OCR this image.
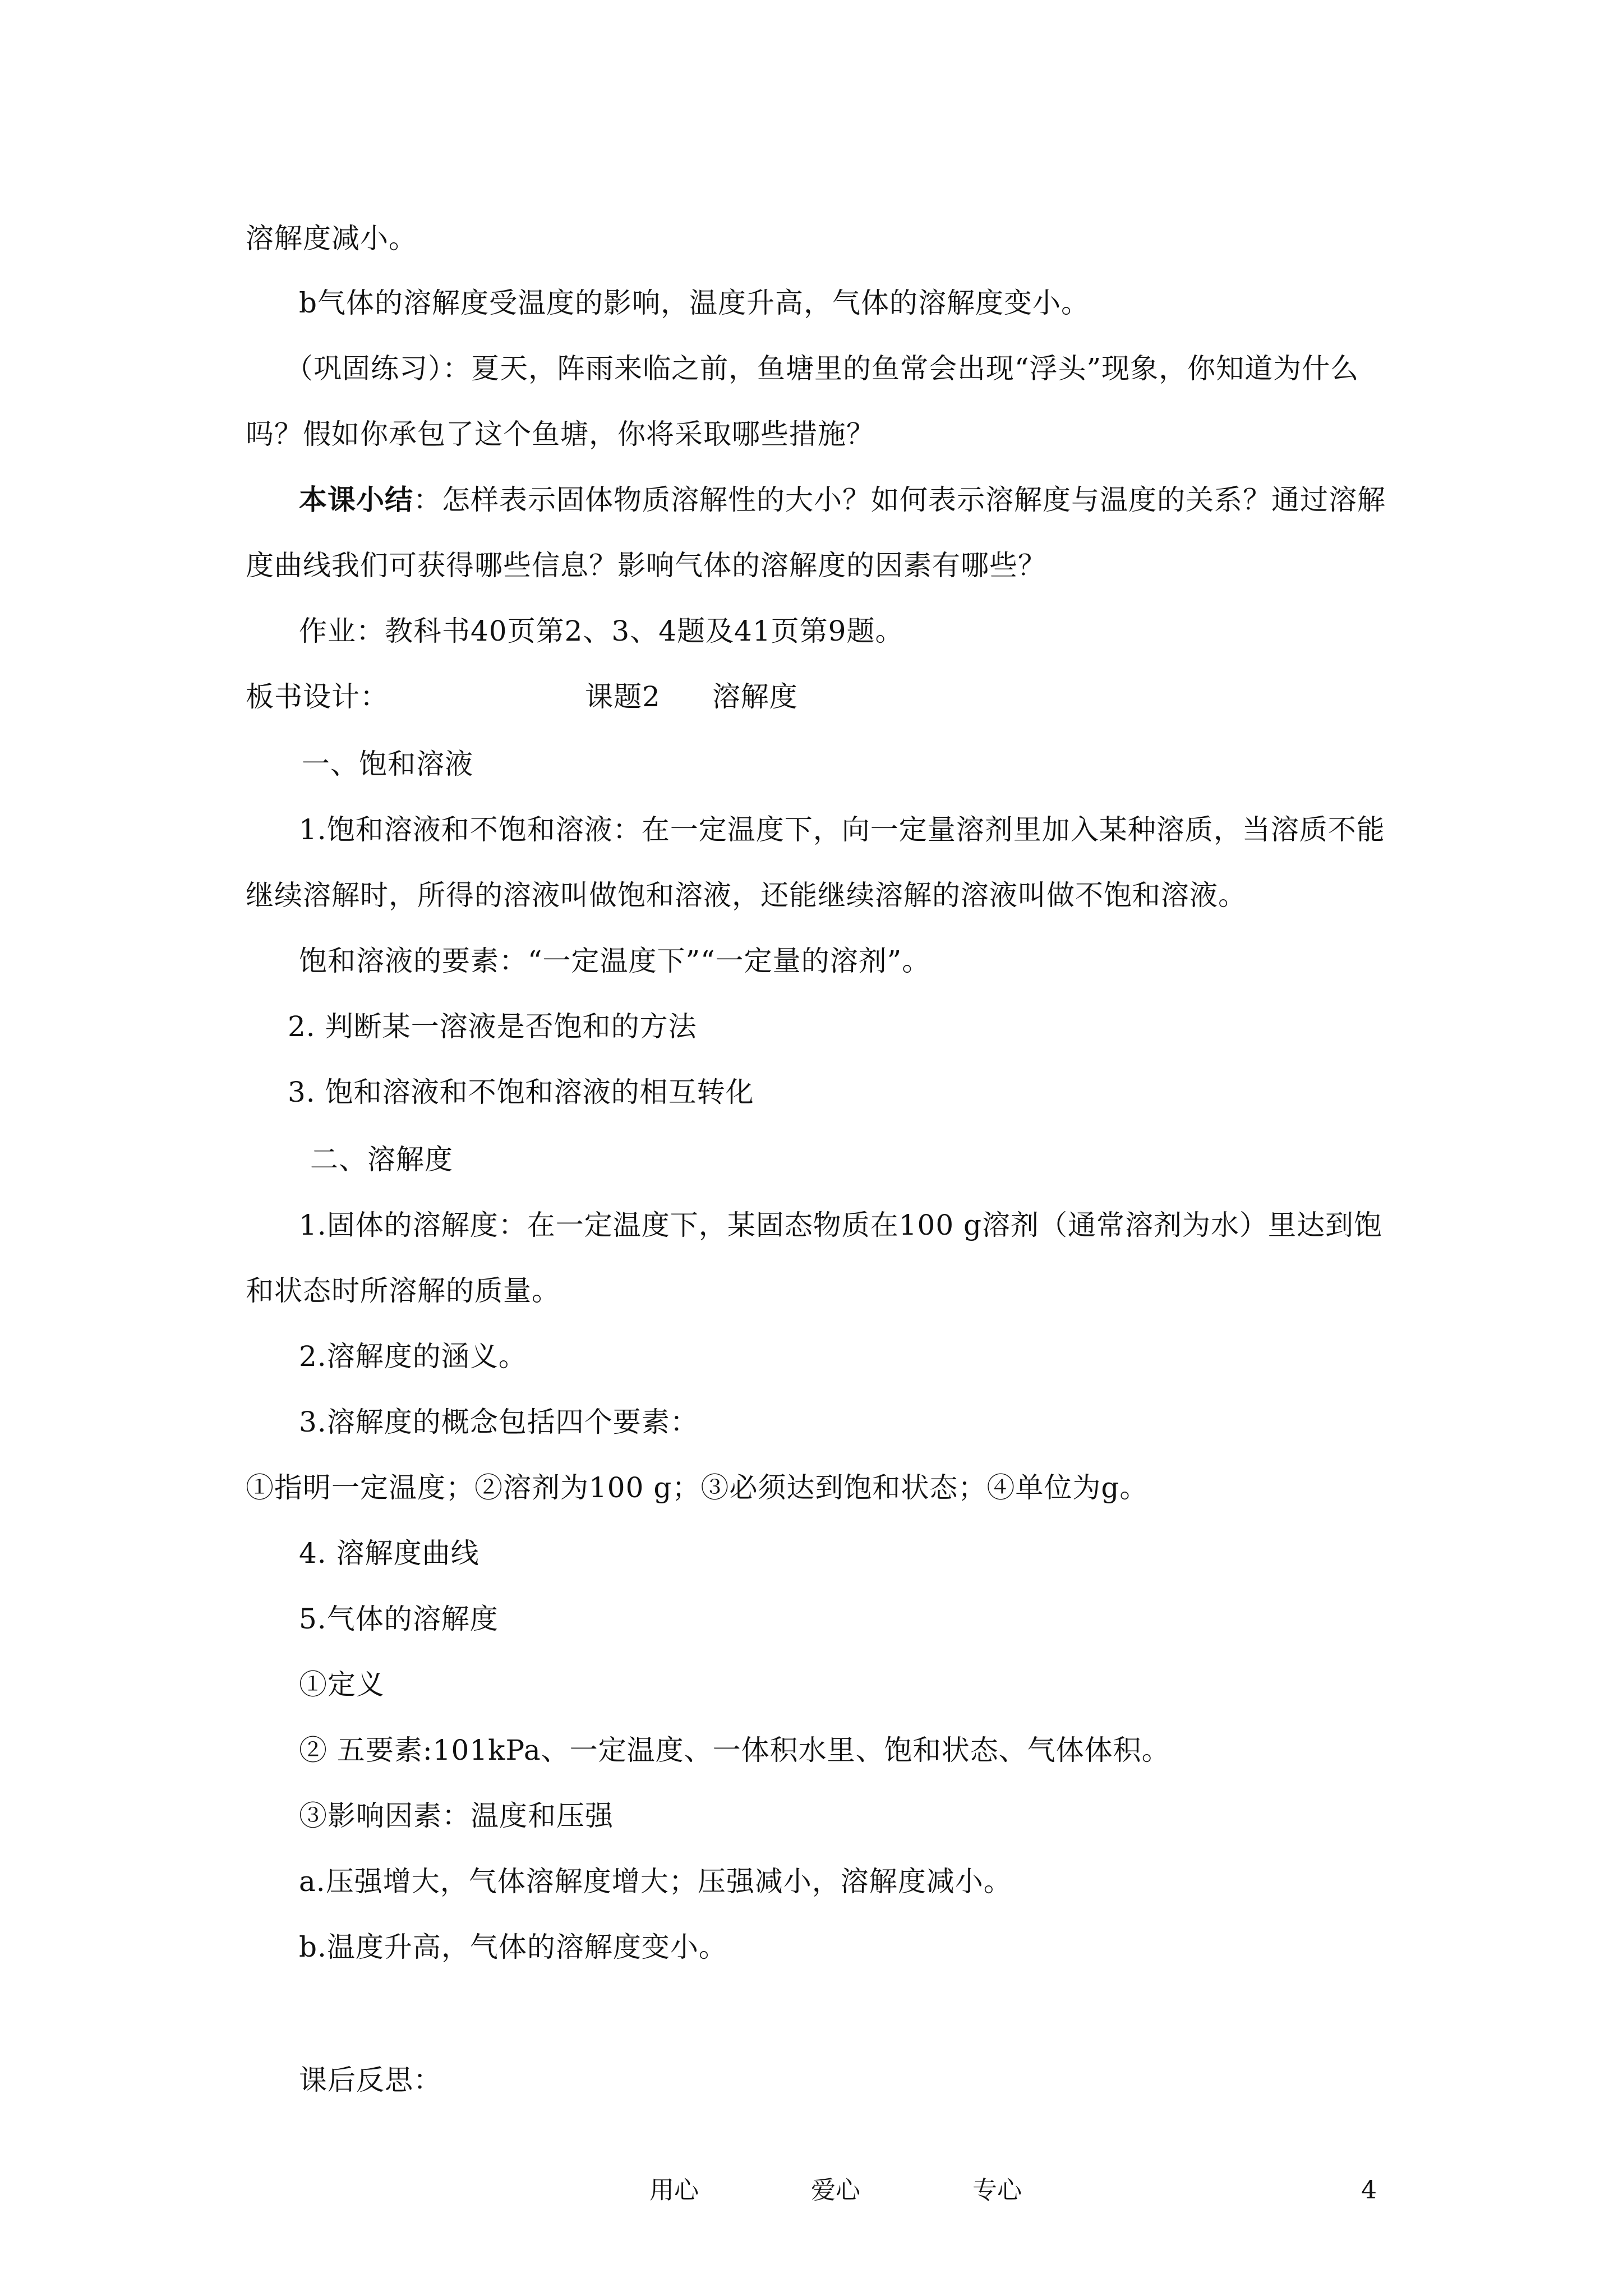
溶解度减小。
b气体的溶解度受温度的影响，温度升高，气体的溶解度变小。
（巩固练习）：夏天，阵雨来临之前，鱼塘里的鱼常会出现“浮头”现象，你知道为什么
吗？假如你承包了这个鱼塘，你将采取哪些措施？
本课小结：怎样表示固体物质溶解性的大小？如何表示溶解度与温度的关系？通过溶解
度曲线我们可获得哪些信息？影响气体的溶解度的因素有哪些？
作业：教科书40页第2、3、4题及41页第9题。
板书设计：	课题2 溶解度
一、饱和溶液
1.饱和溶液和不饱和溶液：在一定温度下，向一定量溶剂里加入某种溶质，当溶质不能
继续溶解时，所得的溶液叫做饱和溶液，还能继续溶解的溶液叫做不饱和溶液。
饱和溶液的要素：“一定温度下”“一定量的溶剂”。
2. 判断某一溶液是否饱和的方法
3. 饱和溶液和不饱和溶液的相互转化
二、溶解度
1.固体的溶解度：在一定温度下，某固态物质在100 g溶剂（通常溶剂为水）里达到饱
和状态时所溶解的质量。
2.溶解度的涵义。
3.溶解度的概念包括四个要素：
①指明一定温度；②溶剂为100 g；③必须达到饱和状态；④单位为g。
4. 溶解度曲线
5.气体的溶解度
①定义
② 五要素:101kPa、一定温度、一体积水里、饱和状态、气体体积。
③影响因素：温度和压强
a.压强增大，气体溶解度增大；压强减小，溶解度减小。
b.温度升高，气体的溶解度变小。
课后反思：
用心	爱心	专心	4
